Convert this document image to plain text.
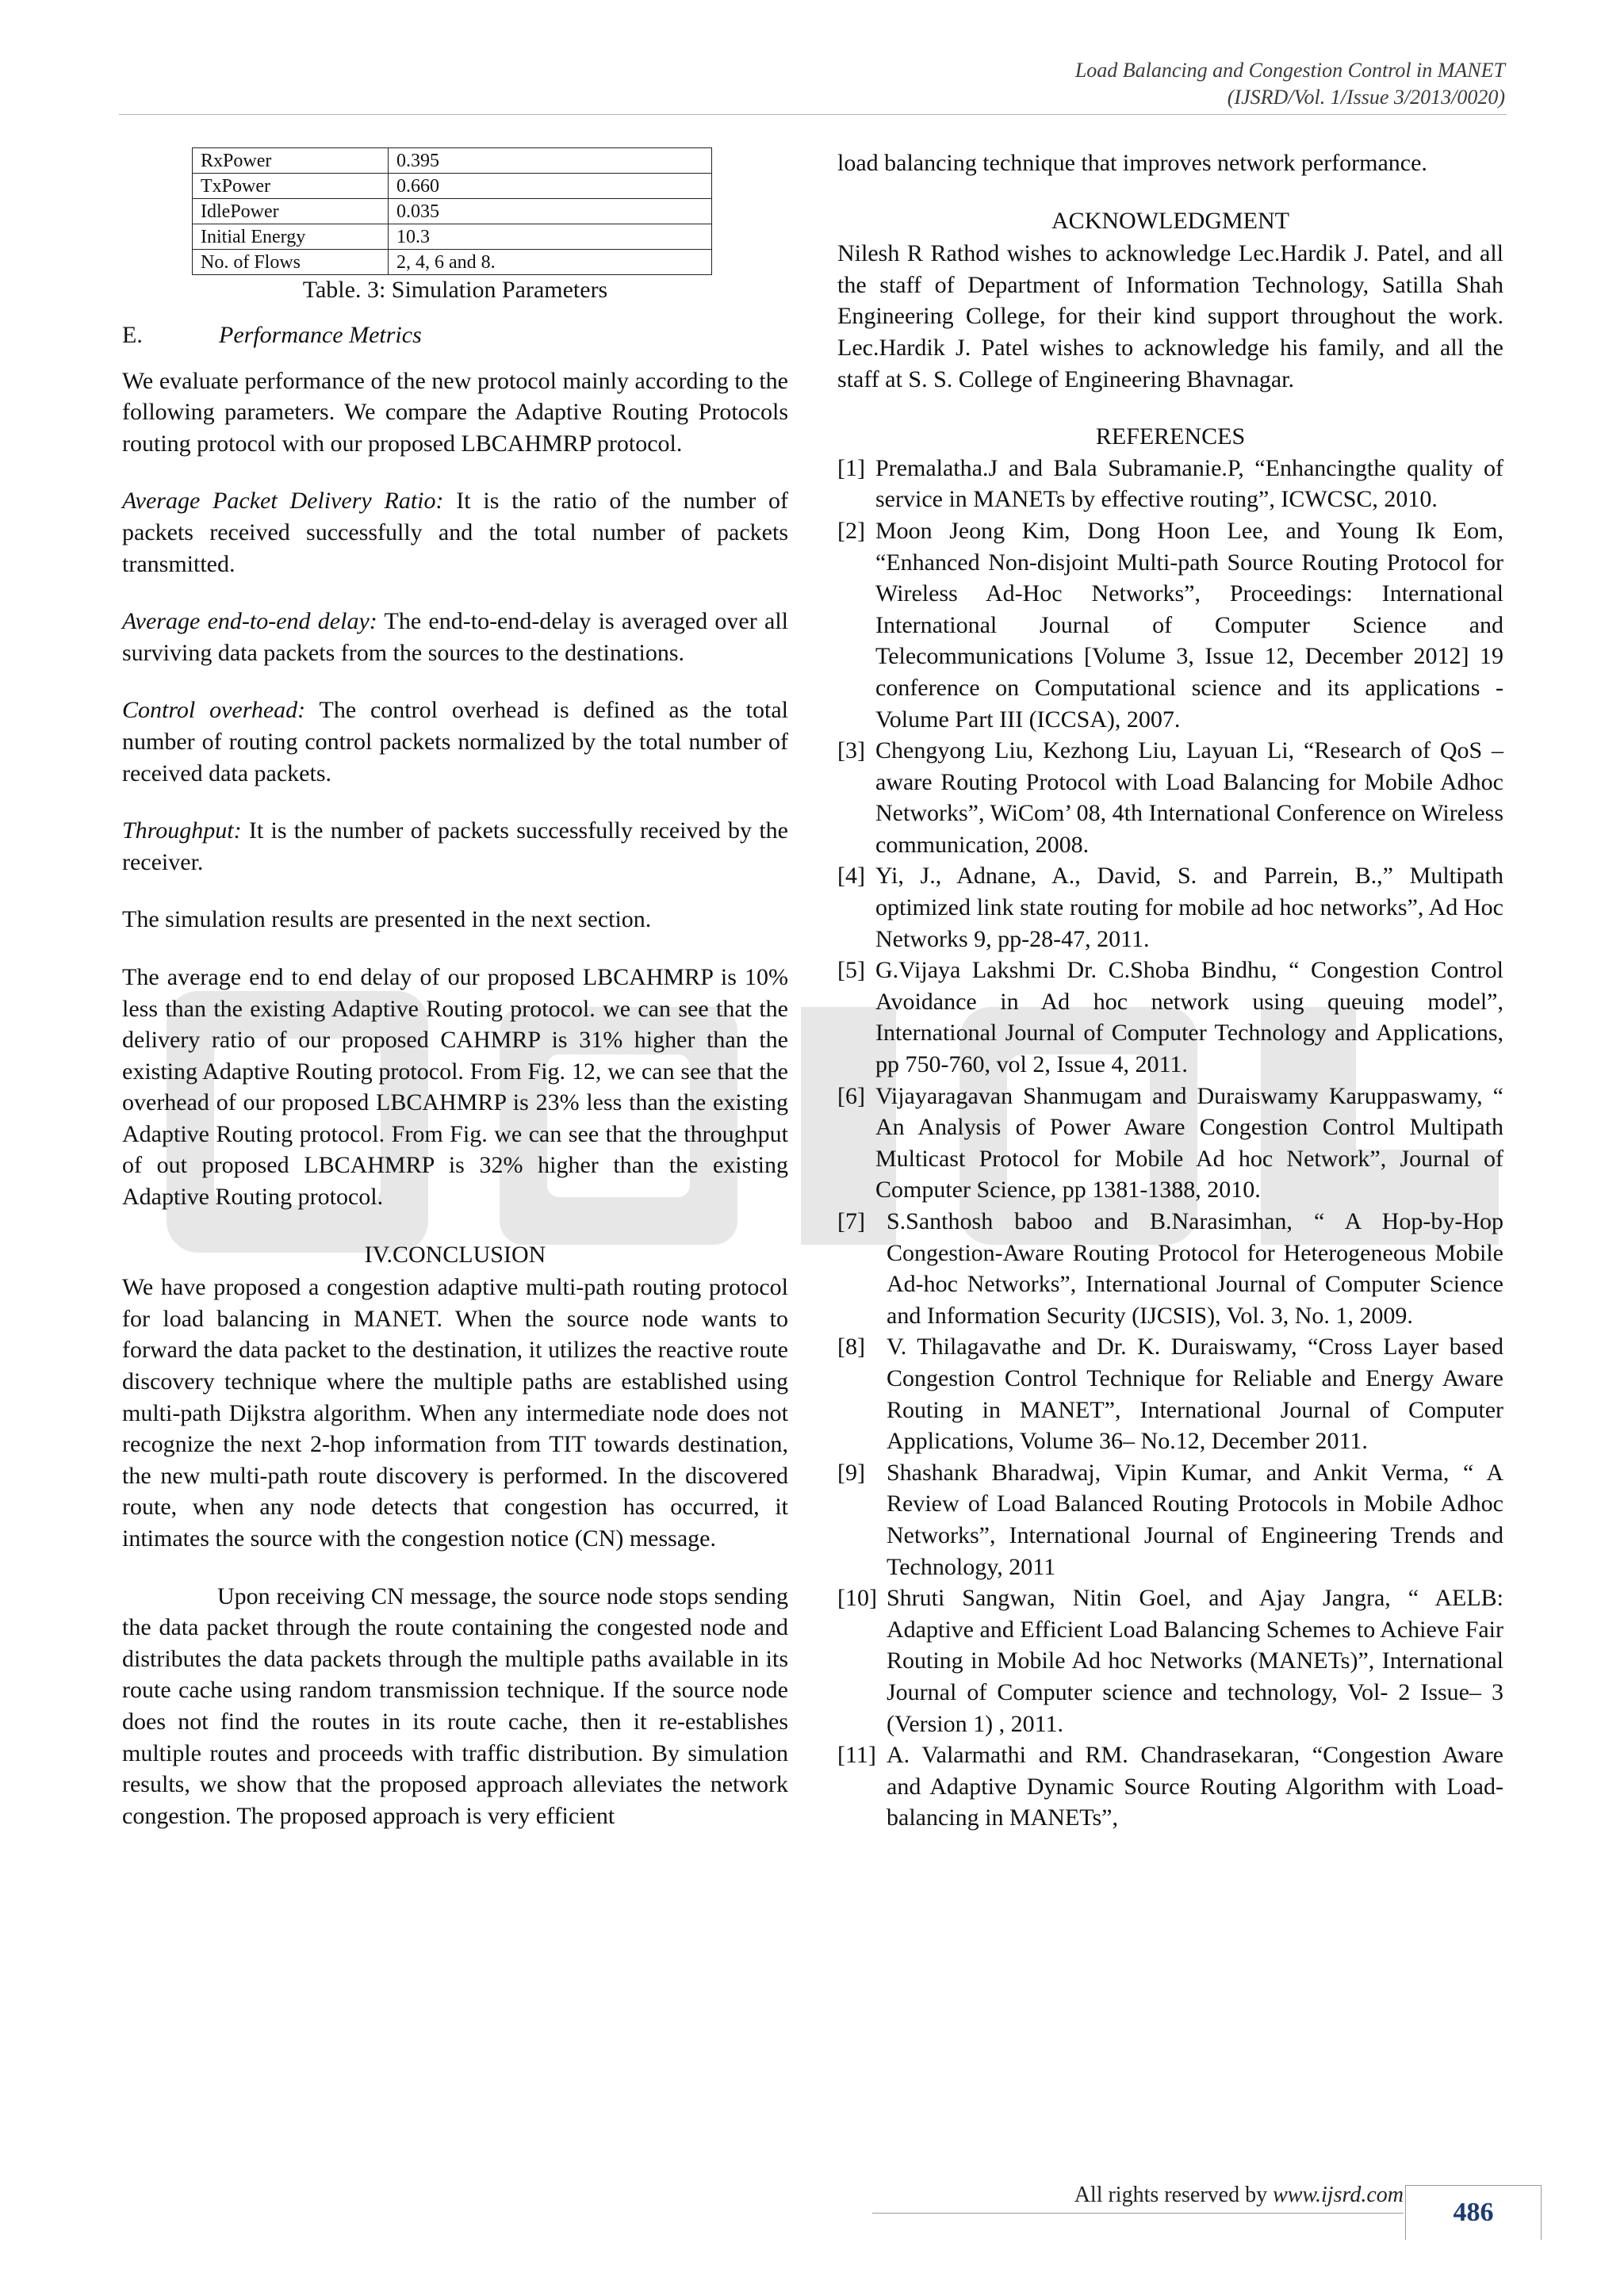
Load Balancing and Congestion Control in MANET
(IJSRD/Vol. 1/Issue 3/2013/0020)
RxPower	0.395
TxPower	0.660
IdlePower	0.035
Initial Energy	10.3
No. of Flows	2, 4, 6 and 8.

Table. 3: Simulation Parameters

E.	Performance Metrics

We evaluate performance of the new protocol mainly according to the following parameters. We compare the Adaptive Routing Protocols routing protocol with our proposed LBCAHMRP protocol.

Average Packet Delivery Ratio: It is the ratio of the number of packets received successfully and the total number of packets transmitted.

Average end-to-end delay: The end-to-end-delay is averaged over all surviving data packets from the sources to the destinations.

Control overhead: The control overhead is defined as the total number of routing control packets normalized by the total number of received data packets.

Throughput: It is the number of packets successfully received by the receiver.

The simulation results are presented in the next section.

The average end to end delay of our proposed LBCAHMRP is 10% less than the existing Adaptive Routing protocol. we can see that the delivery ratio of our proposed CAHMRP is 31% higher than the existing Adaptive Routing protocol. From Fig. 12, we can see that the overhead of our proposed LBCAHMRP is 23% less than the existing Adaptive Routing protocol. From Fig. we can see that the throughput of out proposed LBCAHMRP is 32% higher than the existing Adaptive Routing protocol.

IV.CONCLUSION

We have proposed a congestion adaptive multi-path routing protocol for load balancing in MANET. When the source node wants to forward the data packet to the destination, it utilizes the reactive route discovery technique where the multiple paths are established using multi-path Dijkstra algorithm. When any intermediate node does not recognize the next 2-hop information from TIT towards destination, the new multi-path route discovery is performed. In the discovered route, when any node detects that congestion has occurred, it intimates the source with the congestion notice (CN) message.

Upon receiving CN message, the source node stops sending the data packet through the route containing the congested node and distributes the data packets through the multiple paths available in its route cache using random transmission technique. If the source node does not find the routes in its route cache, then it re-establishes multiple routes and proceeds with traffic distribution. By simulation results, we show that the proposed approach alleviates the network congestion. The proposed approach is very efficient

load balancing technique that improves network performance.

ACKNOWLEDGMENT

Nilesh R Rathod wishes to acknowledge Lec.Hardik J. Patel, and all the staff of Department of Information Technology, Satilla Shah Engineering College, for their kind support throughout the work. Lec.Hardik J. Patel wishes to acknowledge his family, and all the staff at S. S. College of Engineering Bhavnagar.

REFERENCES

[1] Premalatha.J and Bala Subramanie.P, “Enhancingthe quality of service in MANETs by effective routing”, ICWCSC, 2010.
[2] Moon Jeong Kim, Dong Hoon Lee, and Young Ik Eom, “Enhanced Non-disjoint Multi-path Source Routing Protocol for Wireless Ad-Hoc Networks”, Proceedings: International International Journal of Computer Science and Telecommunications [Volume 3, Issue 12, December 2012] 19 conference on Computational science and its applications - Volume Part III (ICCSA), 2007.
[3] Chengyong Liu, Kezhong Liu, Layuan Li, “Research of QoS –aware Routing Protocol with Load Balancing for Mobile Adhoc Networks”, WiCom’ 08, 4th International Conference on Wireless communication, 2008.
[4] Yi, J., Adnane, A., David, S. and Parrein, B.,” Multipath optimized link state routing for mobile ad hoc networks”, Ad Hoc Networks 9, pp-28-47, 2011.
[5] G.Vijaya Lakshmi Dr. C.Shoba Bindhu, “ Congestion Control Avoidance in Ad hoc network using queuing model”, International Journal of Computer Technology and Applications, pp 750-760, vol 2, Issue 4, 2011.
[6] Vijayaragavan Shanmugam and Duraiswamy Karuppaswamy, “ An Analysis of Power Aware Congestion Control Multipath Multicast Protocol for Mobile Ad hoc Network”, Journal of Computer Science, pp 1381-1388, 2010.
[7] S.Santhosh baboo and B.Narasimhan, “ A Hop-by-Hop Congestion-Aware Routing Protocol for Heterogeneous Mobile Ad-hoc Networks”, International Journal of Computer Science and Information Security (IJCSIS), Vol. 3, No. 1, 2009.
[8] V. Thilagavathe and Dr. K. Duraiswamy, “Cross Layer based Congestion Control Technique for Reliable and Energy Aware Routing in MANET”, International Journal of Computer Applications, Volume 36– No.12, December 2011.
[9] Shashank Bharadwaj, Vipin Kumar, and Ankit Verma, “ A Review of Load Balanced Routing Protocols in Mobile Adhoc Networks”, International Journal of Engineering Trends and Technology, 2011
[10] Shruti Sangwan, Nitin Goel, and Ajay Jangra, “ AELB: Adaptive and Efficient Load Balancing Schemes to Achieve Fair Routing in Mobile Ad hoc Networks (MANETs)”, International Journal of Computer science and technology, Vol- 2 Issue– 3 (Version 1) , 2011.
[11] A. Valarmathi and RM. Chandrasekaran, “Congestion Aware and Adaptive Dynamic Source Routing Algorithm with Load-balancing in MANETs”,
All rights reserved by www.ijsrd.com
486
